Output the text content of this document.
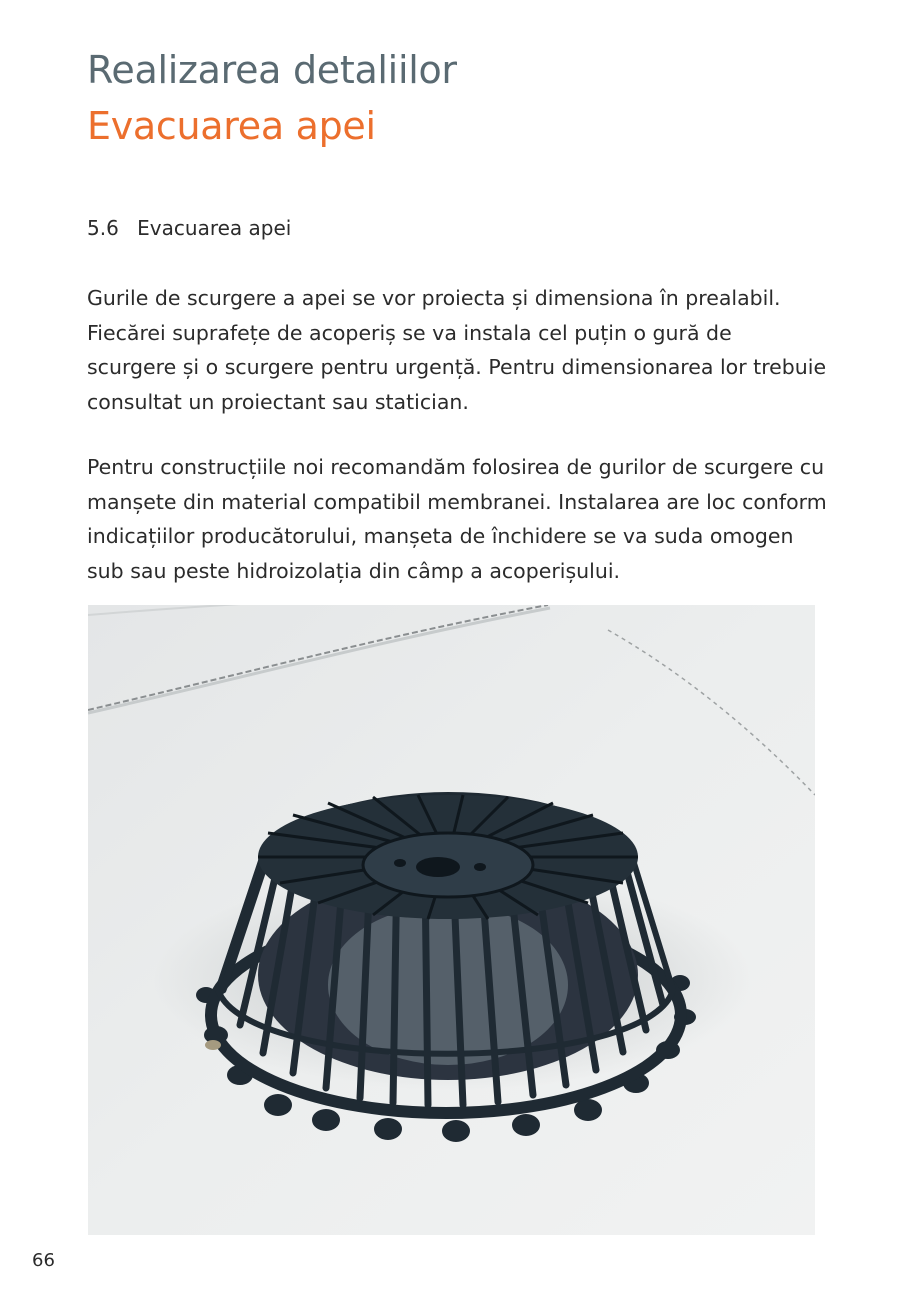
Realizarea detaliilor
Evacuarea apei
5.6 Evacuarea apei

Gurile de scurgere a apei se vor proiecta și dimensiona în prealabil. Fiecărei suprafețe de acoperiș se va instala cel puțin o gură de scurgere și o scurgere pentru urgență. Pentru dimensionarea lor trebuie consultat un proiectant sau statician.

Pentru construcțiile noi recomandăm folosirea de gurilor de scurgere cu manșete din material compatibil membranei. Instalarea are loc conform indicațiilor producătorului, manșeta de închidere se va suda omogen sub sau peste hidroizolația din câmp a acoperișului.

66
